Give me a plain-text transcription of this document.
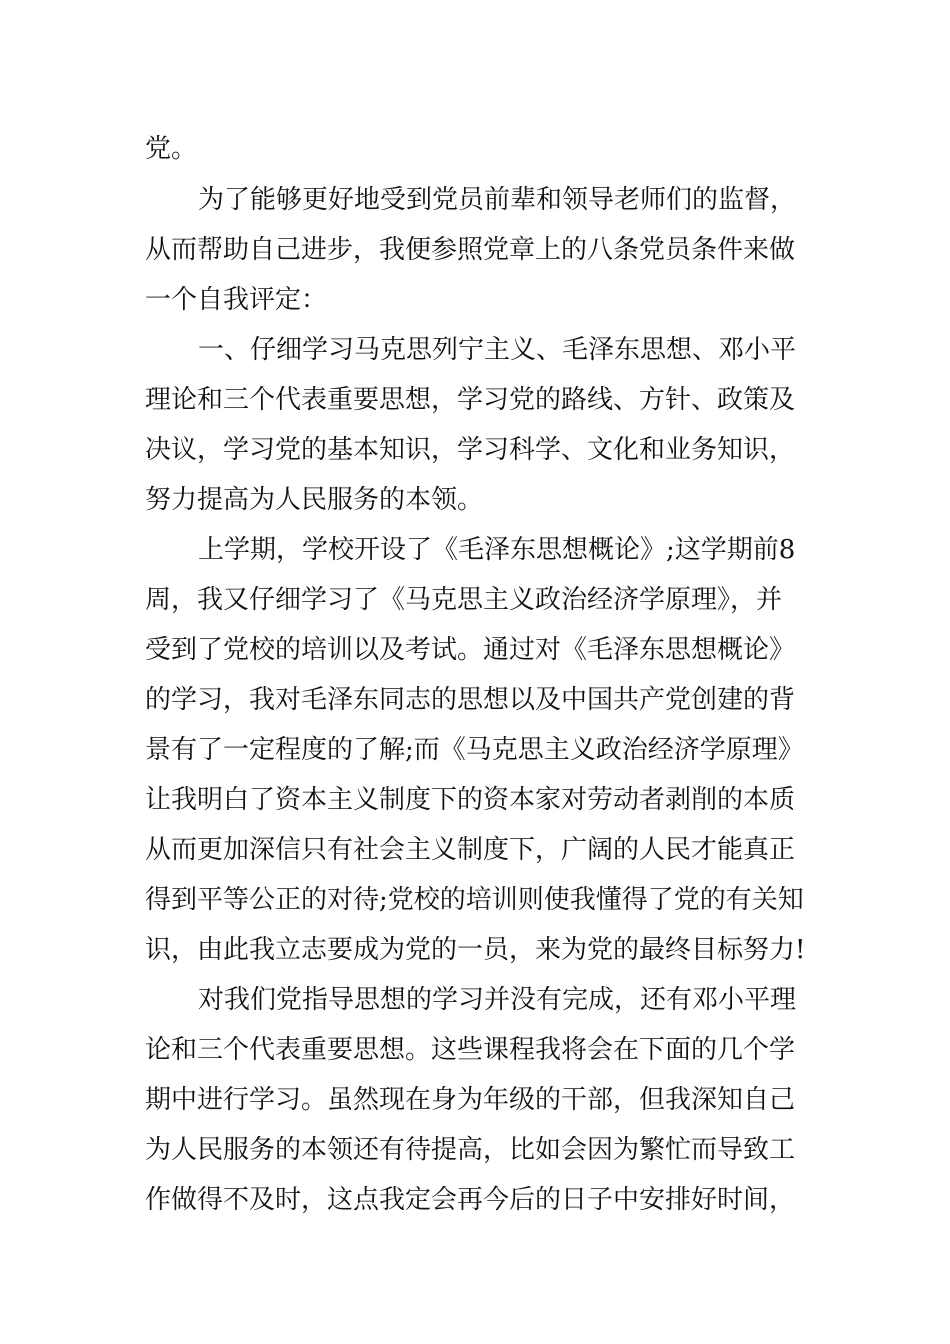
党。

为了能够更好地受到党员前辈和领导老师们的监督，

从而帮助自己进步，我便参照党章上的八条党员条件来做

一个自我评定：

一、仔细学习马克思列宁主义、毛泽东思想、邓小平

理论和三个代表重要思想，学习党的路线、方针、政策及

决议，学习党的基本知识，学习科学、文化和业务知识，

努力提高为人民服务的本领。

上学期，学校开设了《毛泽东思想概论》;这学期前8

周，我又仔细学习了《马克思主义政治经济学原理》，并

受到了党校的培训以及考试。通过对《毛泽东思想概论》

的学习，我对毛泽东同志的思想以及中国共产党创建的背

景有了一定程度的了解;而《马克思主义政治经济学原理》

让我明白了资本主义制度下的资本家对劳动者剥削的本质

从而更加深信只有社会主义制度下，广阔的人民才能真正

得到平等公正的对待;党校的培训则使我懂得了党的有关知

识，由此我立志要成为党的一员，来为党的最终目标努力!

对我们党指导思想的学习并没有完成，还有邓小平理

论和三个代表重要思想。这些课程我将会在下面的几个学

期中进行学习。虽然现在身为年级的干部，但我深知自己

为人民服务的本领还有待提高，比如会因为繁忙而导致工

作做得不及时，这点我定会再今后的日子中安排好时间，
